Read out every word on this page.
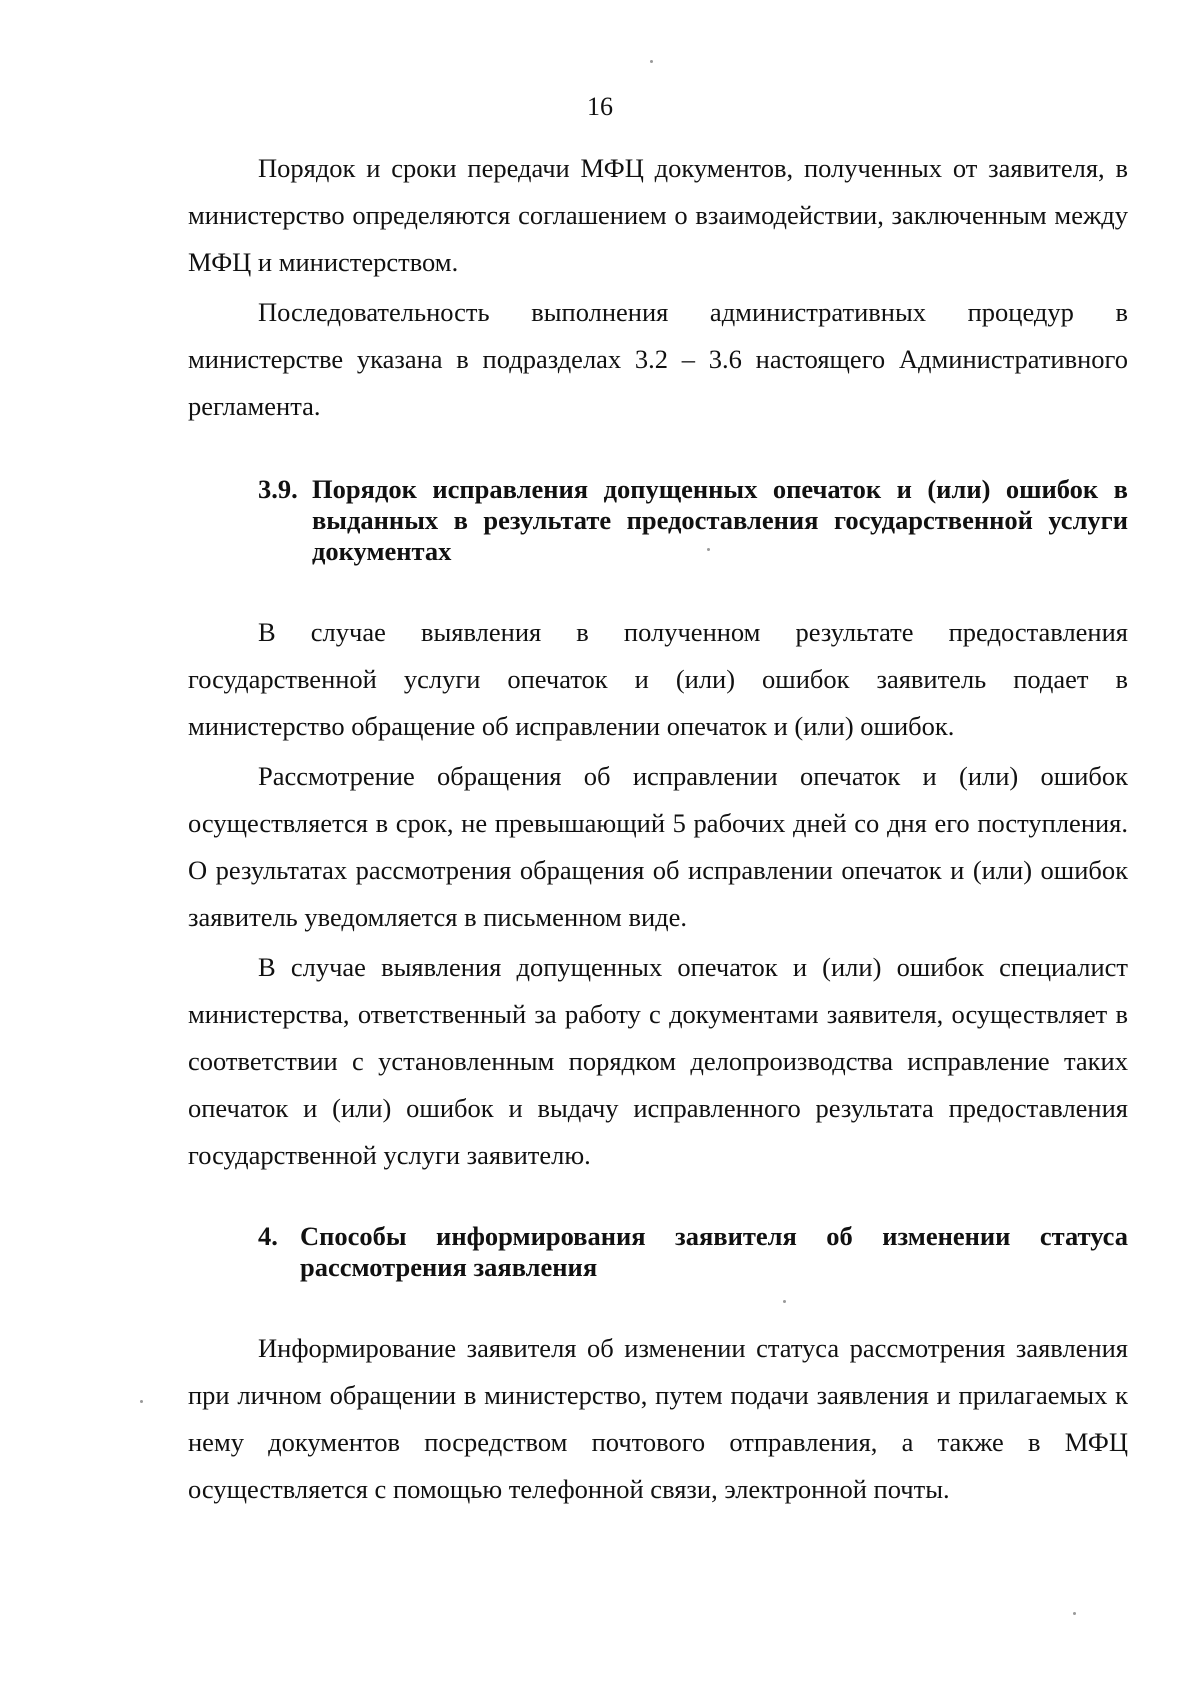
16

Порядок и сроки передачи МФЦ документов, полученных от заявителя, в министерство определяются соглашением о взаимодействии, заключенным между МФЦ и министерством.

Последовательность выполнения административных процедур в министерстве указана в подразделах 3.2 – 3.6 настоящего Административного регламента.

3.9. Порядок исправления допущенных опечаток и (или) ошибок в выданных в результате предоставления государственной услуги документах

В случае выявления в полученном результате предоставления государственной услуги опечаток и (или) ошибок заявитель подает в министерство обращение об исправлении опечаток и (или) ошибок.

Рассмотрение обращения об исправлении опечаток и (или) ошибок осуществляется в срок, не превышающий 5 рабочих дней со дня его поступления. О результатах рассмотрения обращения об исправлении опечаток и (или) ошибок заявитель уведомляется в письменном виде.

В случае выявления допущенных опечаток и (или) ошибок специалист министерства, ответственный за работу с документами заявителя, осуществляет в соответствии с установленным порядком делопроизводства исправление таких опечаток и (или) ошибок и выдачу исправленного результата предоставления государственной услуги заявителю.

4. Способы информирования заявителя об изменении статуса рассмотрения заявления

Информирование заявителя об изменении статуса рассмотрения заявления при личном обращении в министерство, путем подачи заявления и прилагаемых к нему документов посредством почтового отправления, а также в МФЦ осуществляется с помощью телефонной связи, электронной почты.
